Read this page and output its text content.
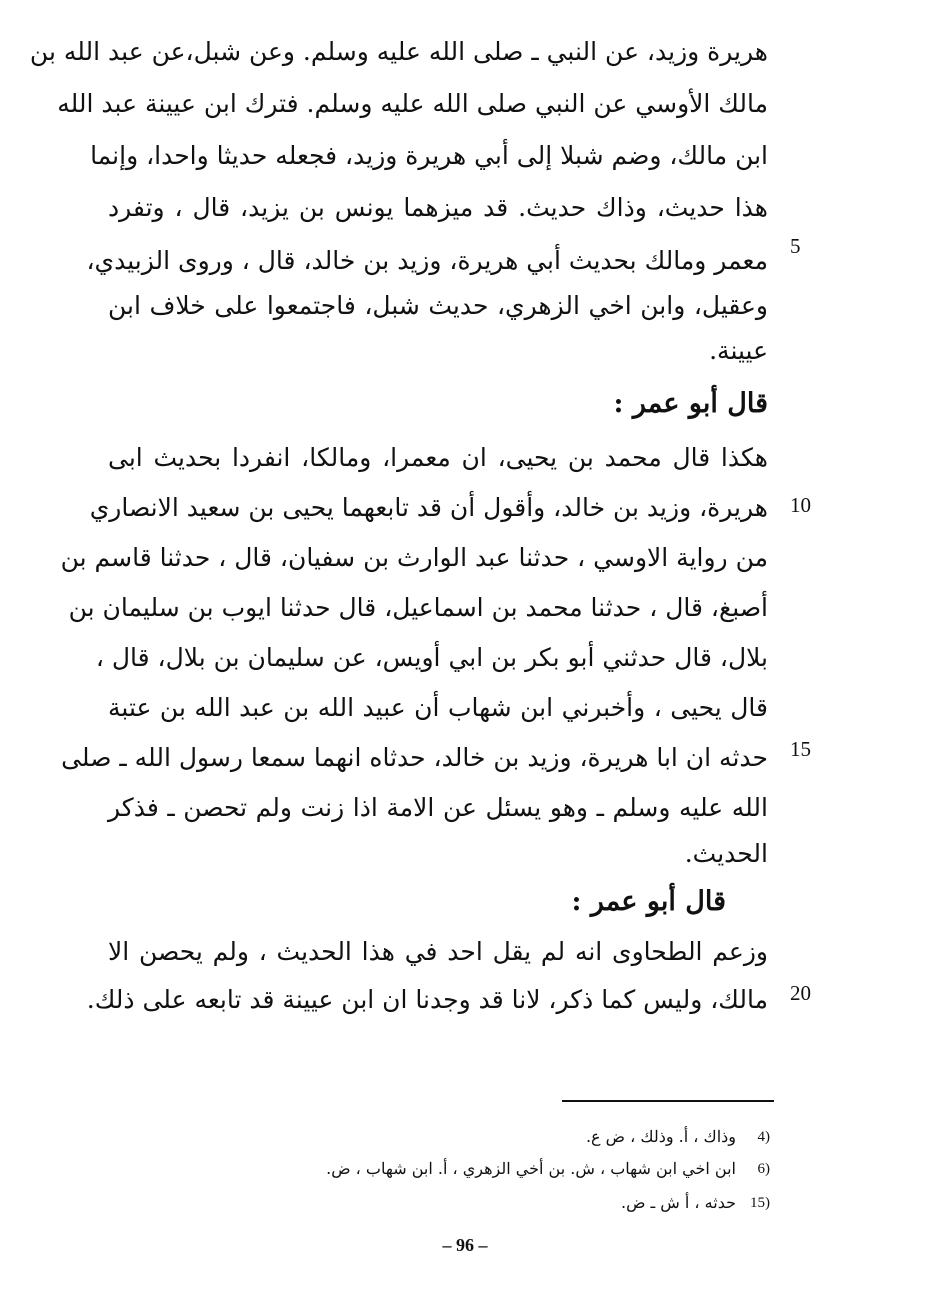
هريرة وزيد، عن النبي ـ صلى الله عليه وسلم. وعن شبل،عن عبد الله بن
مالك الأوسي عن النبي صلى الله عليه وسلم. فترك ابن عيينة عبد الله
ابن مالك، وضم شبلا إلى أبي هريرة وزيد، فجعله حديثا واحدا، وإنما
هذا حديث، وذاك حديث. قد ميزهما يونس بن يزيد، قال ، وتفرد
معمر ومالك بحديث أبي هريرة، وزيد بن خالد، قال ، وروى الزبيدي،
وعقيل، وابن اخي الزهري، حديث شبل، فاجتمعوا على خلاف ابن
عيينة.
قال أبو عمر :
هكذا قال محمد بن يحيى، ان معمرا، ومالكا، انفردا بحديث ابى
هريرة، وزيد بن خالد، وأقول أن قد تابعهما يحيى بن سعيد الانصاري
من رواية الاوسي ، حدثنا عبد الوارث بن سفيان، قال ، حدثنا قاسم بن
أصبغ، قال ، حدثنا محمد بن اسماعيل، قال حدثنا ايوب بن سليمان بن
بلال، قال حدثني أبو بكر بن ابي أويس، عن سليمان بن بلال، قال ،
قال يحيى ، وأخبرني ابن شهاب أن عبيد الله بن عبد الله بن عتبة
حدثه ان ابا هريرة، وزيد بن خالد، حدثاه انهما سمعا رسول الله ـ صلى
الله عليه وسلم ـ وهو يسئل عن الامة اذا زنت ولم تحصن ـ فذكر
الحديث.
قال أبو عمر :
وزعم الطحاوى انه لم يقل احد في هذا الحديث ، ولم يحصن الا
مالك، وليس كما ذكر، لانا قد وجدنا ان ابن عيينة قد تابعه على ذلك.
5
10
15
20
وذاك ، أ. وذلك ، ض ع.	4)
ابن اخي ابن شهاب ، ش. بن أخي الزهري ، أ. ابن شهاب ، ض.	6)
حدثه ، أ ش ـ ض. 15)
– 96 –
